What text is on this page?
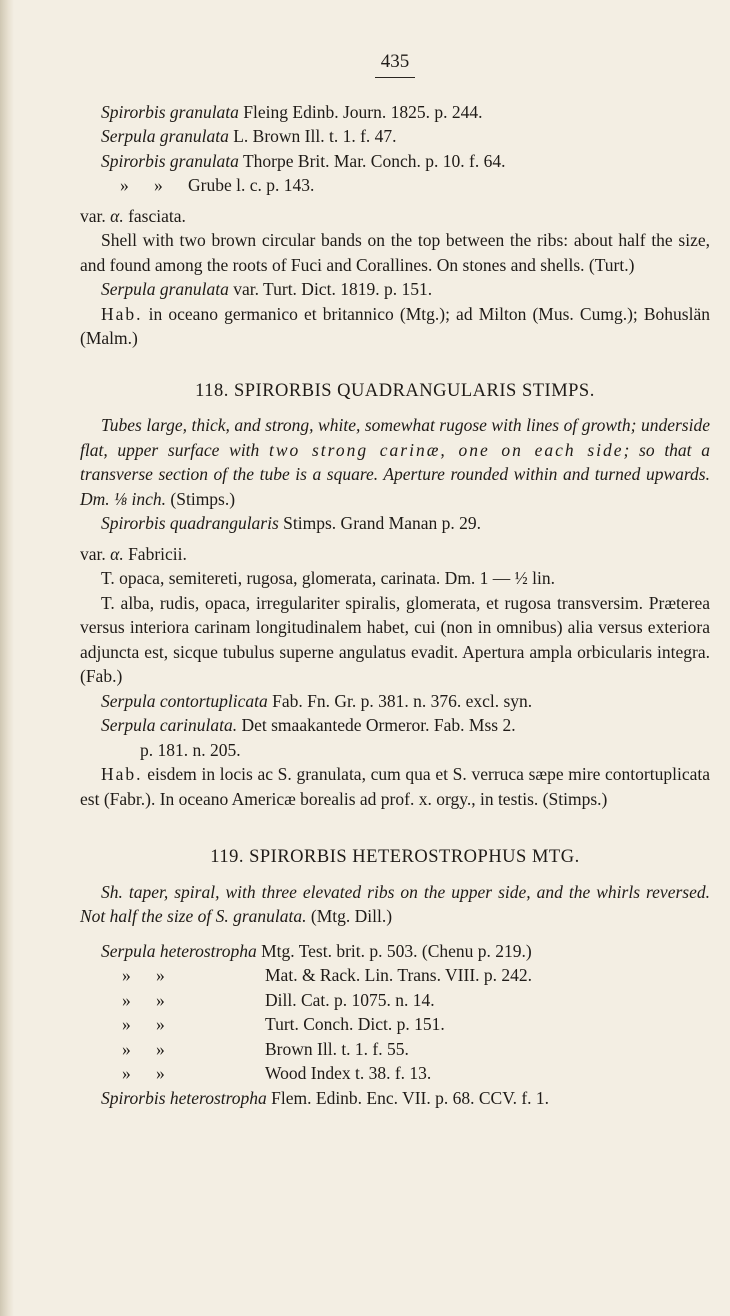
435

Spirorbis granulata Fleing Edinb. Journ. 1825. p. 244.

Serpula granulata L. Brown Ill. t. 1. f. 47.

Spirorbis granulata Thorpe Brit. Mar. Conch. p. 10. f. 64.

» » Grube l. c. p. 143.

var. α. fasciata.

Shell with two brown circular bands on the top between the ribs: about half the size, and found among the roots of Fuci and Corallines. On stones and shells. (Turt.)

Serpula granulata var. Turt. Dict. 1819. p. 151.

Hab. in oceano germanico et britannico (Mtg.); ad Milton (Mus. Cumg.); Bohuslän (Malm.)

118. SPIRORBIS QUADRANGULARIS STIMPS.

Tubes large, thick, and strong, white, somewhat rugose with lines of growth; underside flat, upper surface with two strong carinæ, one on each side; so that a transverse section of the tube is a square. Aperture rounded within and turned upwards. Dm. ⅛ inch. (Stimps.)

Spirorbis quadrangularis Stimps. Grand Manan p. 29.

var. α. Fabricii.

T. opaca, semitereti, rugosa, glomerata, carinata. Dm. 1 — ½ lin.

T. alba, rudis, opaca, irregulariter spiralis, glomerata, et rugosa transversim. Præterea versus interiora carinam longitudinalem habet, cui (non in omnibus) alia versus exteriora adjuncta est, sicque tubulus superne angulatus evadit. Apertura ampla orbicularis integra. (Fab.)

Serpula contortuplicata Fab. Fn. Gr. p. 381. n. 376. excl. syn.

Serpula carinulata. Det smaakantede Ormeror. Fab. Mss 2.

p. 181. n. 205.

Hab. eisdem in locis ac S. granulata, cum qua et S. verruca sæpe mire contortuplicata est (Fabr.). In oceano Americæ borealis ad prof. x. orgy., in testis. (Stimps.)

119. SPIRORBIS HETEROSTROPHUS MTG.

Sh. taper, spiral, with three elevated ribs on the upper side, and the whirls reversed. Not half the size of S. granulata. (Mtg. Dill.)

Serpula heterostropha Mtg. Test. brit. p. 503. (Chenu p. 219.)

» »	Mat. & Rack. Lin. Trans. VIII. p. 242.

» »	Dill. Cat. p. 1075. n. 14.

» »	Turt. Conch. Dict. p. 151.

» »	Brown Ill. t. 1. f. 55.

» »	Wood Index t. 38. f. 13.

Spirorbis heterostropha Flem. Edinb. Enc. VII. p. 68. CCV. f. 1.
